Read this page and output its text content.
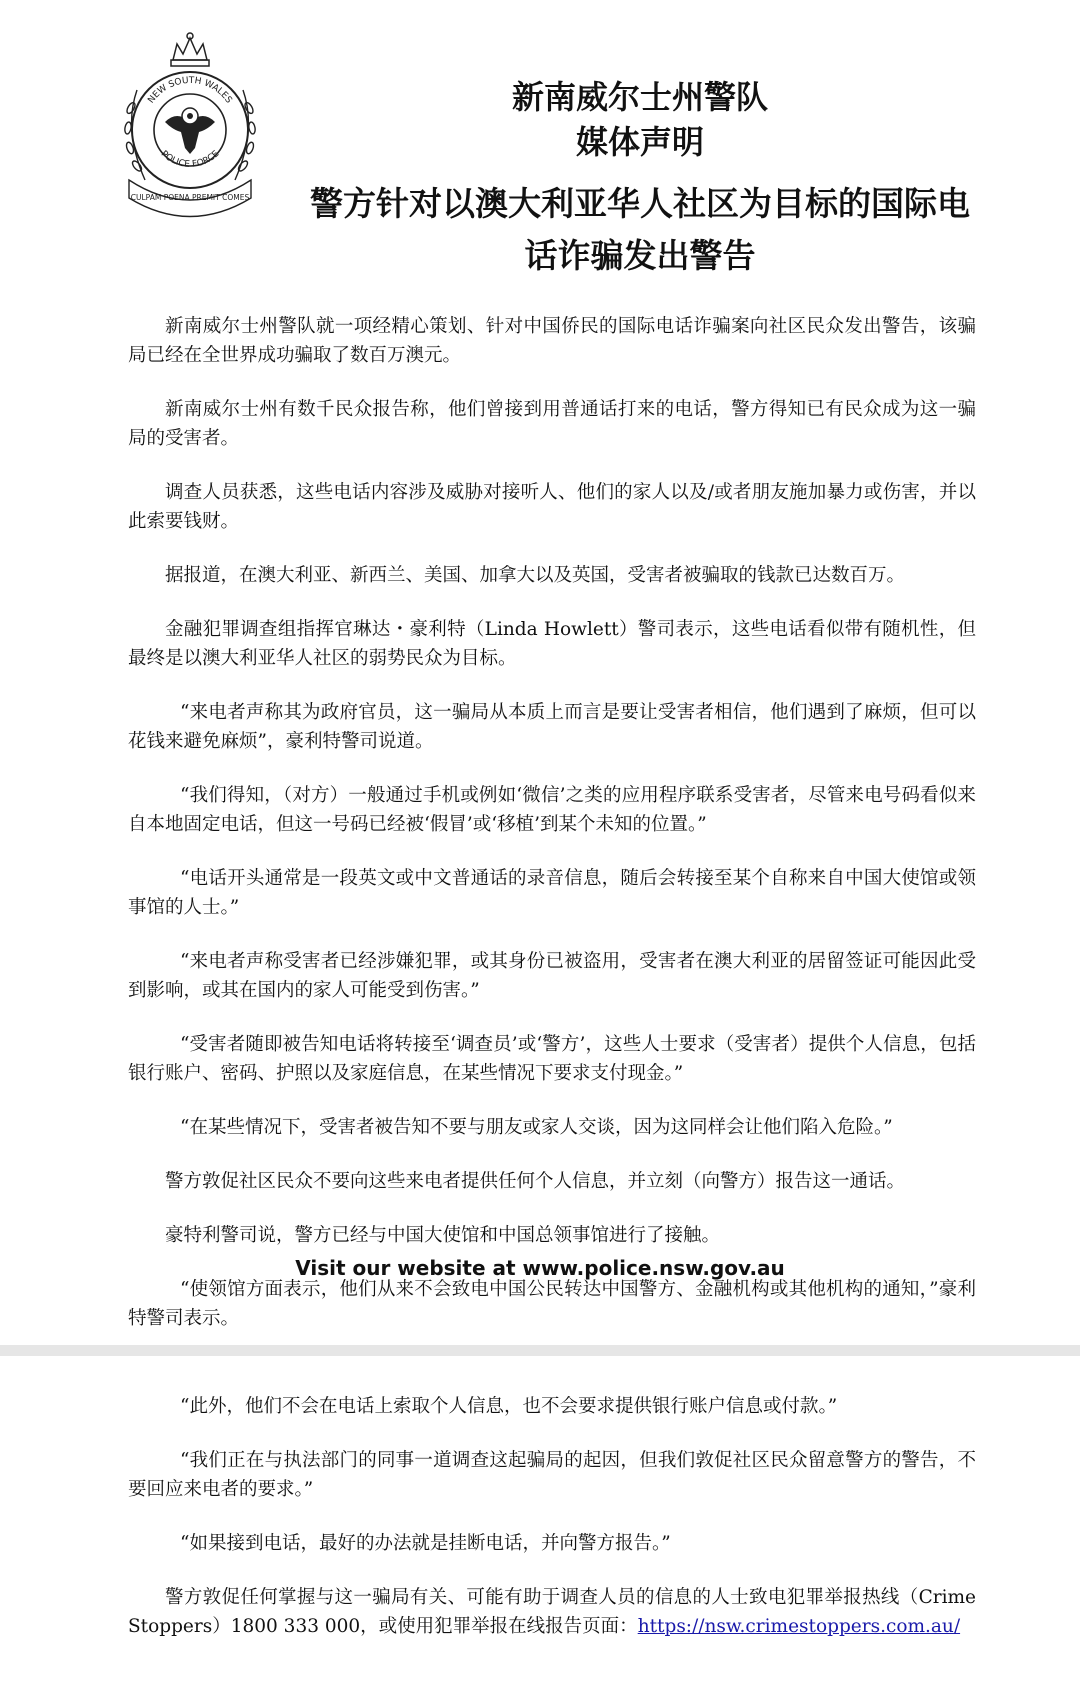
NEW SOUTH WALES
POLICE FORCE
CULPAM POENA PREMIT COMES
新南威尔士州警队
媒体声明
警方针对以澳大利亚华人社区为目标的国际电话诈骗发出警告

新南威尔士州警队就一项经精心策划、针对中国侨民的国际电话诈骗案向社区民众发出警告，该骗局已经在全世界成功骗取了数百万澳元。

新南威尔士州有数千民众报告称，他们曾接到用普通话打来的电话，警方得知已有民众成为这一骗局的受害者。

调查人员获悉，这些电话内容涉及威胁对接听人、他们的家人以及/或者朋友施加暴力或伤害，并以此索要钱财。

据报道，在澳大利亚、新西兰、美国、加拿大以及英国，受害者被骗取的钱款已达数百万。

金融犯罪调查组指挥官琳达・豪利特（Linda Howlett）警司表示，这些电话看似带有随机性，但最终是以澳大利亚华人社区的弱势民众为目标。

“来电者声称其为政府官员，这一骗局从本质上而言是要让受害者相信，他们遇到了麻烦，但可以花钱来避免麻烦”，豪利特警司说道。

“我们得知，（对方）一般通过手机或例如‘微信’之类的应用程序联系受害者，尽管来电号码看似来自本地固定电话，但这一号码已经被‘假冒’或‘移植’到某个未知的位置。”

“电话开头通常是一段英文或中文普通话的录音信息，随后会转接至某个自称来自中国大使馆或领事馆的人士。”

“来电者声称受害者已经涉嫌犯罪，或其身份已被盗用，受害者在澳大利亚的居留签证可能因此受到影响，或其在国内的家人可能受到伤害。”

“受害者随即被告知电话将转接至‘调查员’或‘警方’，这些人士要求（受害者）提供个人信息，包括银行账户、密码、护照以及家庭信息，在某些情况下要求支付现金。”

“在某些情况下，受害者被告知不要与朋友或家人交谈，因为这同样会让他们陷入危险。”

警方敦促社区民众不要向这些来电者提供任何个人信息，并立刻（向警方）报告这一通话。

豪特利警司说，警方已经与中国大使馆和中国总领事馆进行了接触。

“使领馆方面表示，他们从来不会致电中国公民转达中国警方、金融机构或其他机构的通知，”豪利特警司表示。

Visit our website at www.police.nsw.gov.au

“此外，他们不会在电话上索取个人信息，也不会要求提供银行账户信息或付款。”

“我们正在与执法部门的同事一道调查这起骗局的起因，但我们敦促社区民众留意警方的警告，不要回应来电者的要求。”

“如果接到电话，最好的办法就是挂断电话，并向警方报告。”

警方敦促任何掌握与这一骗局有关、可能有助于调查人员的信息的人士致电犯罪举报热线（Crime Stoppers）1800 333 000，或使用犯罪举报在线报告页面：https://nsw.crimestoppers.com.au/
